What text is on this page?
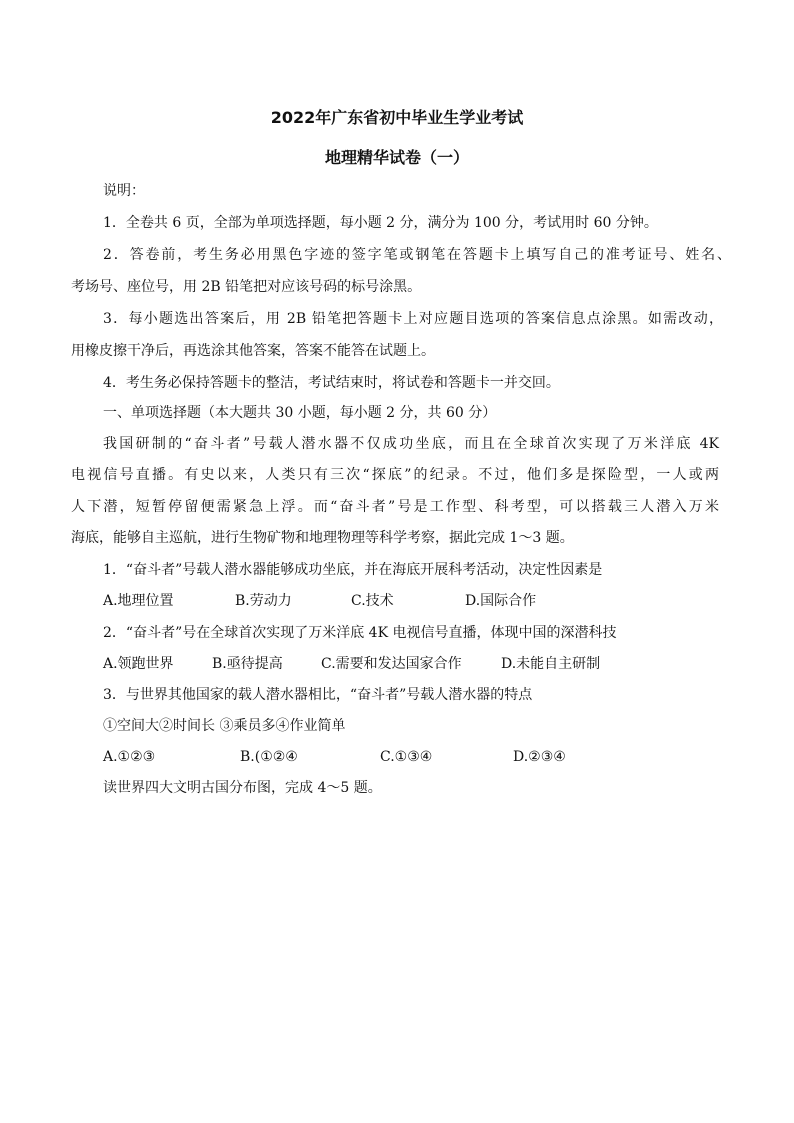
2022年广东省初中毕业生学业考试
地理精华试卷（一）
说明：
1．全卷共 6 页，全部为单项选择题，每小题 2 分，满分为 100 分，考试用时 60 分钟。
2．答卷前，考生务必用黑色字迹的签字笔或钢笔在答题卡上填写自己的准考证号、姓名、
考场号、座位号，用 2B 铅笔把对应该号码的标号涂黑。
3．每小题选出答案后，用 2B 铅笔把答题卡上对应题目选项的答案信息点涂黑。如需改动，
用橡皮擦干净后，再选涂其他答案，答案不能答在试题上。
4．考生务必保持答题卡的整洁，考试结束时，将试卷和答题卡一并交回。
一、单项选择题（本大题共 30 小题，每小题 2 分，共 60 分）
我国研制的“奋斗者”号载人潜水器不仅成功坐底，而且在全球首次实现了万米洋底 4K
电视信号直播。有史以来，人类只有三次“探底”的纪录。不过，他们多是探险型，一人或两
人下潜，短暂停留便需紧急上浮。而“奋斗者”号是工作型、科考型，可以搭载三人潜入万米
海底，能够自主巡航，进行生物矿物和地理物理等科学考察，据此完成 1～3 题。
1．“奋斗者”号载人潜水器能够成功坐底，并在海底开展科考活动，决定性因素是
A.地理位置	B.劳动力	C.技术	D.国际合作
2．“奋斗者”号在全球首次实现了万米洋底 4K 电视信号直播，体现中国的深潜科技
A.领跑世界	B.亟待提高	C.需要和发达国家合作	D.未能自主研制
3．与世界其他国家的载人潜水器相比，“奋斗者”号载人潜水器的特点
①空间大②时间长 ③乘员多④作业简单
A.①②③	B.(①②④	C.①③④	D.②③④
读世界四大文明古国分布图，完成 4～5 题。
